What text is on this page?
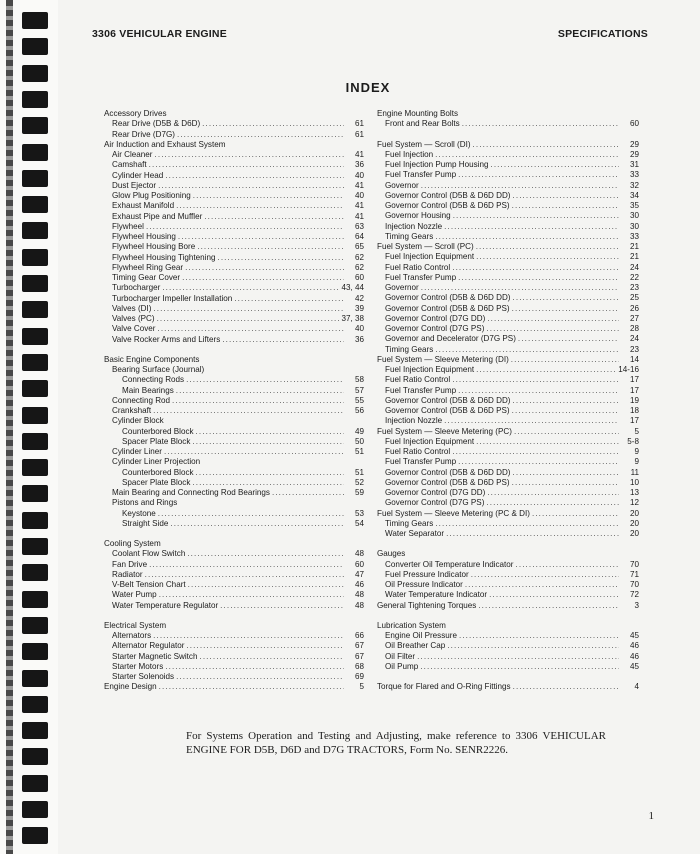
3306 VEHICULAR ENGINE	SPECIFICATIONS
INDEX
Accessory Drives
Rear Drive (D5B & D6D) .....	61
Rear Drive (D7G) .....	61
Air Induction and Exhaust System
Air Cleaner .....	41
Camshaft .....	36
Cylinder Head .....	40
Dust Ejector .....	41
Glow Plug Positioning .....	40
Exhaust Manifold .....	41
Exhaust Pipe and Muffler .....	41
Flywheel .....	63
Flywheel Housing .....	64
Flywheel Housing Bore .....	65
Flywheel Housing Tightening .....	62
Flywheel Ring Gear .....	62
Timing Gear Cover .....	60
Turbocharger .....	43, 44
Turbocharger Impeller Installation .....	42
Valves (DI) .....	39
Valves (PC) .....	37, 38
Valve Cover .....	40
Valve Rocker Arms and Lifters .....	36
Basic Engine Components
Bearing Surface (Journal)
Connecting Rods .....	58
Main Bearings .....	57
Connecting Rod .....	55
Crankshaft .....	56
Cylinder Block
Counterbored Block .....	49
Spacer Plate Block .....	50
Cylinder Liner .....	51
Cylinder Liner Projection
Counterbored Block .....	51
Spacer Plate Block .....	52
Main Bearing and Connecting Rod Bearings .....	59
Pistons and Rings
Keystone .....	53
Straight Side .....	54
Cooling System
Coolant Flow Switch .....	48
Fan Drive .....	60
Radiator .....	47
V-Belt Tension Chart .....	46
Water Pump .....	48
Water Temperature Regulator .....	48
Electrical System
Alternators .....	66
Alternator Regulator .....	67
Starter Magnetic Switch .....	67
Starter Motors .....	68
Starter Solenoids .....	69
Engine Design .....	5
Engine Mounting Bolts
Front and Rear Bolts .....	60
Fuel System — Scroll (DI) .....	29
Fuel Injection .....	29
Fuel Injection Pump Housing .....	31
Fuel Transfer Pump .....	33
Governor .....	32
Governor Control (D5B & D6D DD) .....	34
Governor Control (D5B & D6D PS) .....	35
Governor Housing .....	30
Injection Nozzle .....	30
Timing Gears .....	33
Fuel System — Scroll (PC) .....	21
Fuel Injection Equipment .....	21
Fuel Ratio Control .....	24
Fuel Transfer Pump .....	22
Governor .....	23
Governor Control (D5B & D6D DD) .....	25
Governor Control (D5B & D6D PS) .....	26
Governor Control (D7G DD) .....	27
Governor Control (D7G PS) .....	28
Governor and Decelerator (D7G PS) .....	24
Timing Gears .....	23
Fuel System — Sleeve Metering (DI) .....	14
Fuel Injection Equipment .....	14-16
Fuel Ratio Control .....	17
Fuel Transfer Pump .....	17
Governor Control (D5B & D6D DD) .....	19
Governor Control (D5B & D6D PS) .....	18
Injection Nozzle .....	17
Fuel System — Sleeve Metering (PC) .....	5
Fuel Injection Equipment .....	5-8
Fuel Ratio Control .....	9
Fuel Transfer Pump .....	9
Governor Control (D5B & D6D DD) .....	11
Governor Control (D5B & D6D PS) .....	10
Governor Control (D7G DD) .....	13
Governor Control (D7G PS) .....	12
Fuel System — Sleeve Metering (PC & DI) .....	20
Timing Gears .....	20
Water Separator .....	20
Gauges
Converter Oil Temperature Indicator .....	70
Fuel Pressure Indicator .....	71
Oil Pressure Indicator .....	70
Water Temperature Indicator .....	72
General Tightening Torques .....	3
Lubrication System
Engine Oil Pressure .....	45
Oil Breather Cap .....	46
Oil Filter .....	46
Oil Pump .....	45
Torque for Flared and O-Ring Fittings .....	4
For Systems Operation and Testing and Adjusting, make reference to 3306 VEHICULAR ENGINE FOR D5B, D6D and D7G TRACTORS, Form No. SENR2226.
1
